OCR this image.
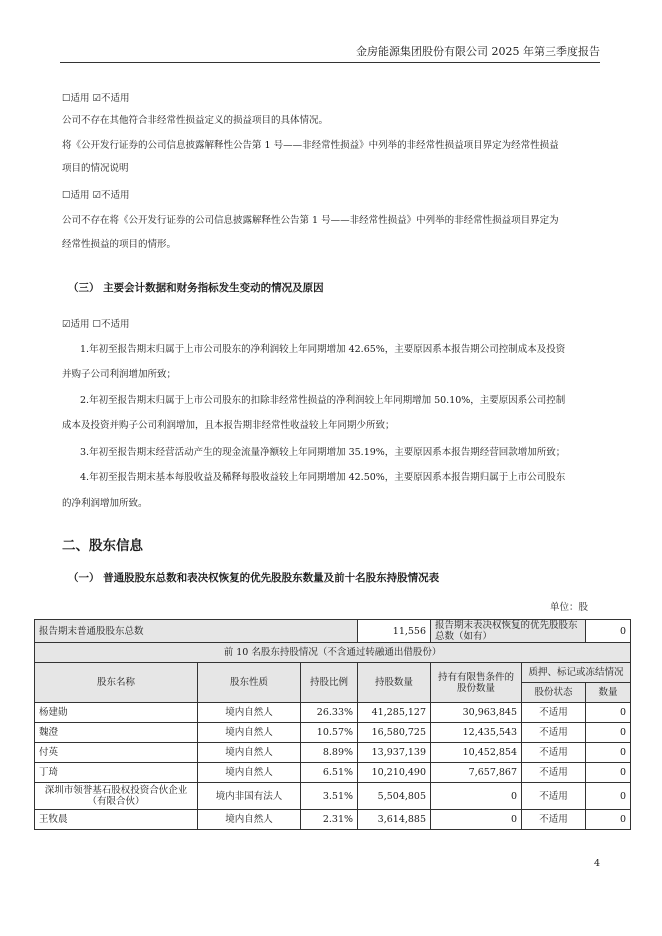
金房能源集团股份有限公司 2025 年第三季度报告
☐适用 ☑不适用
公司不存在其他符合非经常性损益定义的损益项目的具体情况。
将《公开发行证券的公司信息披露解释性公告第 1 号——非经常性损益》中列举的非经常性损益项目界定为经常性损益
项目的情况说明
☐适用 ☑不适用
公司不存在将《公开发行证券的公司信息披露解释性公告第 1 号——非经常性损益》中列举的非经常性损益项目界定为
经常性损益的项目的情形。
（三） 主要会计数据和财务指标发生变动的情况及原因
☑适用 ☐不适用
1.年初至报告期末归属于上市公司股东的净利润较上年同期增加 42.65%，主要原因系本报告期公司控制成本及投资
并购子公司利润增加所致；
2.年初至报告期末归属于上市公司股东的扣除非经常性损益的净利润较上年同期增加 50.10%，主要原因系公司控制
成本及投资并购子公司利润增加，且本报告期非经常性收益较上年同期少所致；
3.年初至报告期末经营活动产生的现金流量净额较上年同期增加 35.19%，主要原因系本报告期经营回款增加所致；
4.年初至报告期末基本每股收益及稀释每股收益较上年同期增加 42.50%，主要原因系本报告期归属于上市公司股东
的净利润增加所致。
二、股东信息
（一） 普通股股东总数和表决权恢复的优先股股东数量及前十名股东持股情况表
单位：股
报告期末普通股股东总数			11,556	报告期末表决权恢复的优先股股东总数（如有）		0
前 10 名股东持股情况（不含通过转融通出借股份）						
股东名称	股东性质	持股比例	持股数量	持有有限售条件的股份数量	质押、标记或冻结情况	
					股份状态	数量
杨建勋	境内自然人	26.33%	41,285,127	30,963,845	不适用	0
魏澄	境内自然人	10.57%	16,580,725	12,435,543	不适用	0
付英	境内自然人	8.89%	13,937,139	10,452,854	不适用	0
丁琦	境内自然人	6.51%	10,210,490	7,657,867	不适用	0
深圳市领誉基石股权投资合伙企业（有限合伙）	境内非国有法人	3.51%	5,504,805	0	不适用	0
王牧晨	境内自然人	2.31%	3,614,885	0	不适用	0
4
